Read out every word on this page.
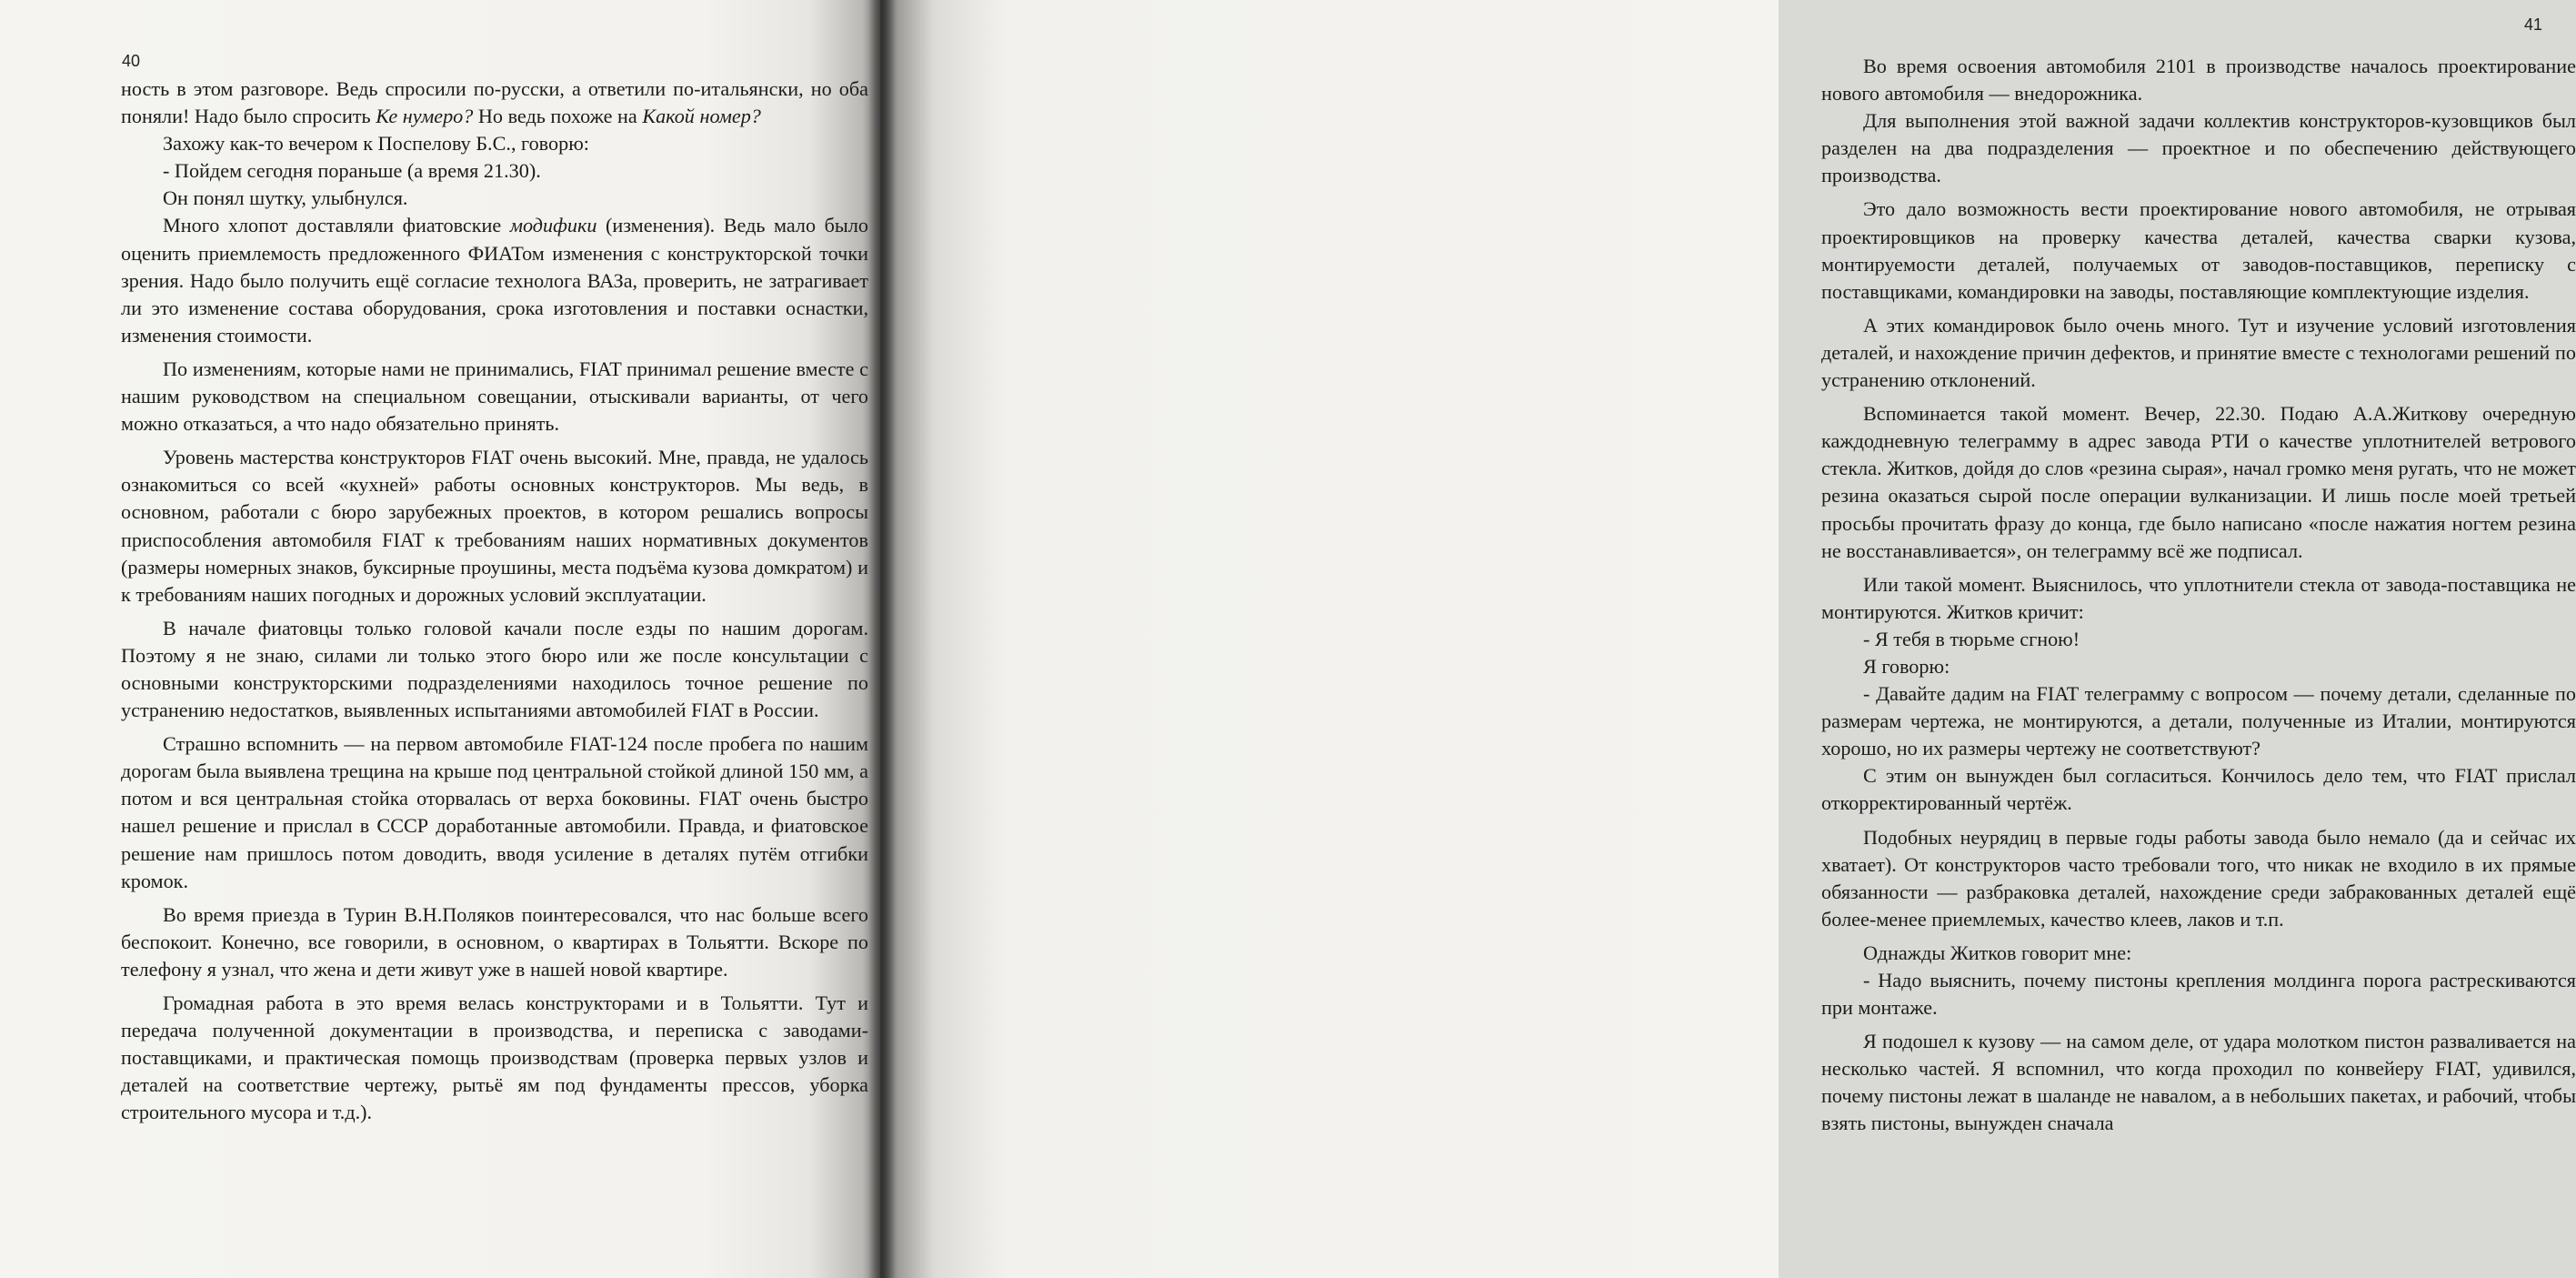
40

ность в этом разговоре. Ведь спросили по-русски, а ответили по-итальянски, но оба поняли! Надо было спросить Ке нумеро? Но ведь похоже на Какой номер?

Захожу как-то вечером к Поспелову Б.С., говорю:

- Пойдем сегодня пораньше (а время 21.30).

Он понял шутку, улыбнулся.

Много хлопот доставляли фиатовские модифики (изменения). Ведь мало было оценить приемлемость предложенного ФИАТом изменения с конструкторской точки зрения. Надо было получить ещё согласие технолога ВАЗа, проверить, не затрагивает ли это изменение состава оборудования, срока изготовления и поставки оснастки, изменения стоимости.

По изменениям, которые нами не принимались, FIAT принимал решение вместе с нашим руководством на специальном совещании, отыскивали варианты, от чего можно отказаться, а что надо обязательно принять.

Уровень мастерства конструкторов FIAT очень высокий. Мне, правда, не удалось ознакомиться со всей «кухней» работы основных конструкторов. Мы ведь, в основном, работали с бюро зарубежных проектов, в котором решались вопросы приспособления автомобиля FIAT к требованиям наших нормативных документов (размеры номерных знаков, буксирные проушины, места подъёма кузова домкратом) и к требованиям наших погодных и дорожных условий эксплуатации.

В начале фиатовцы только головой качали после езды по нашим дорогам. Поэтому я не знаю, силами ли только этого бюро или же после консультации с основными конструкторскими подразделениями находилось точное решение по устранению недостатков, выявленных испытаниями автомобилей FIAT в России.

Страшно вспомнить — на первом автомобиле FIAT-124 после пробега по нашим дорогам была выявлена трещина на крыше под центральной стойкой длиной 150 мм, а потом и вся центральная стойка оторвалась от верха боковины. FIAT очень быстро нашел решение и прислал в СССР доработанные автомобили. Правда, и фиатовское решение нам пришлось потом доводить, вводя усиление в деталях путём отгибки кромок.

Во время приезда в Турин В.Н.Поляков поинтересовался, что нас больше всего беспокоит. Конечно, все говорили, в основном, о квартирах в Тольятти. Вскоре по телефону я узнал, что жена и дети живут уже в нашей новой квартире.

Громадная работа в это время велась конструкторами и в Тольятти. Тут и передача полученной документации в производства, и переписка с заводами-поставщиками, и практическая помощь производствам (проверка первых узлов и деталей на соответствие чертежу, рытьё ям под фундаменты прессов, уборка строительного мусора и т.д.).

41

Во время освоения автомобиля 2101 в производстве началось проектирование нового автомобиля — внедорожника.

Для выполнения этой важной задачи коллектив конструкторов-кузовщиков был разделен на два подразделения — проектное и по обеспечению действующего производства.

Это дало возможность вести проектирование нового автомобиля, не отрывая проектировщиков на проверку качества деталей, качества сварки кузова, монтируемости деталей, получаемых от заводов-поставщиков, переписку с поставщиками, командировки на заводы, поставляющие комплектующие изделия.

А этих командировок было очень много. Тут и изучение условий изготовления деталей, и нахождение причин дефектов, и принятие вместе с технологами решений по устранению отклонений.

Вспоминается такой момент. Вечер, 22.30. Подаю А.А.Житкову очередную каждодневную телеграмму в адрес завода РТИ о качестве уплотнителей ветрового стекла. Житков, дойдя до слов «резина сырая», начал громко меня ругать, что не может резина оказаться сырой после операции вулканизации. И лишь после моей третьей просьбы прочитать фразу до конца, где было написано «после нажатия ногтем резина не восстанавливается», он телеграмму всё же подписал.

Или такой момент. Выяснилось, что уплотнители стекла от завода-поставщика не монтируются. Житков кричит:

- Я тебя в тюрьме сгною!

Я говорю:

- Давайте дадим на FIAT телеграмму с вопросом — почему детали, сделанные по размерам чертежа, не монтируются, а детали, полученные из Италии, монтируются хорошо, но их размеры чертежу не соответствуют?

С этим он вынужден был согласиться. Кончилось дело тем, что FIAT прислал откорректированный чертёж.

Подобных неурядиц в первые годы работы завода было немало (да и сейчас их хватает). От конструкторов часто требовали того, что никак не входило в их прямые обязанности — разбраковка деталей, нахождение среди забракованных деталей ещё более-менее приемлемых, качество клеев, лаков и т.п.

Однажды Житков говорит мне:

- Надо выяснить, почему пистоны крепления молдинга порога растрескиваются при монтаже.

Я подошел к кузову — на самом деле, от удара молотком пистон разваливается на несколько частей. Я вспомнил, что когда проходил по конвейеру FIAT, удивился, почему пистоны лежат в шаланде не навалом, а в небольших пакетах, и рабочий, чтобы взять пистоны, вынужден сначала
